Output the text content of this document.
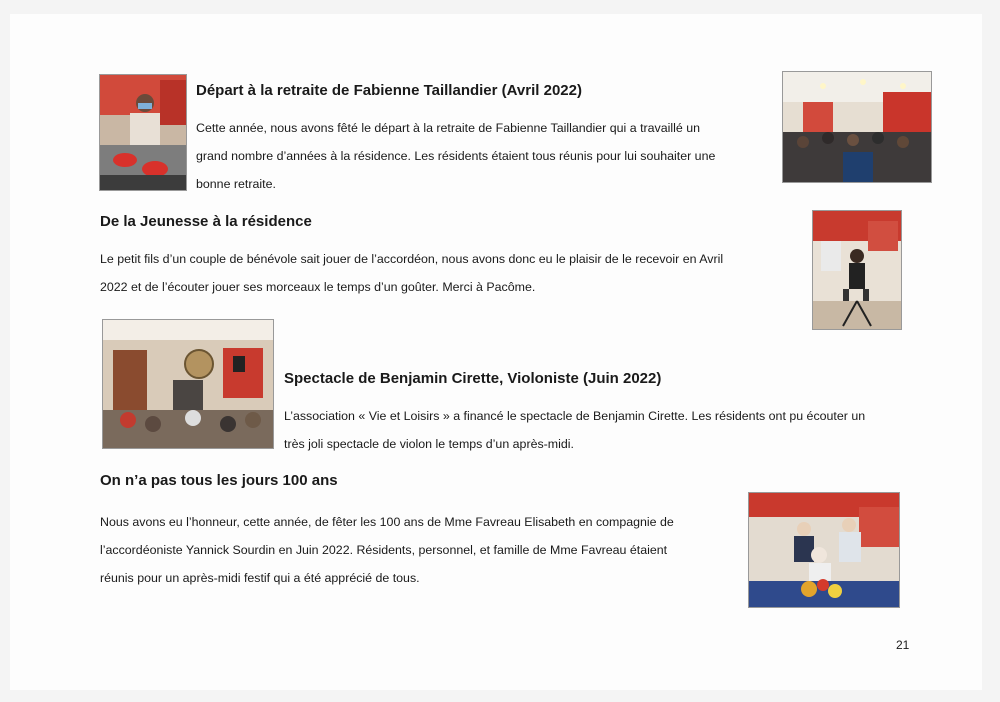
Départ à la retraite de Fabienne Taillandier (Avril 2022)
Cette année, nous avons fêté le départ à la retraite de Fabienne Taillandier qui a travaillé un
grand nombre d’années à la résidence. Les résidents étaient tous réunis pour lui souhaiter une
bonne retraite.
De la Jeunesse à la résidence
Le petit fils d’un couple de bénévole sait jouer de l’accordéon, nous avons donc eu le plaisir de le recevoir en Avril
2022 et de l’écouter jouer ses morceaux le temps d’un goûter. Merci à Pacôme.
Spectacle de Benjamin Cirette, Violoniste (Juin 2022)
L’association « Vie et Loisirs » a financé le spectacle de Benjamin Cirette. Les résidents ont pu écouter un
très joli spectacle de violon le temps d’un après-midi.
On n’a pas tous les jours 100 ans
Nous avons eu l’honneur, cette année, de fêter les 100 ans de Mme Favreau Elisabeth en compagnie de
l’accordéoniste Yannick Sourdin en Juin 2022. Résidents, personnel, et famille de Mme Favreau étaient
réunis pour un après-midi festif qui a été apprécié de tous.
21
